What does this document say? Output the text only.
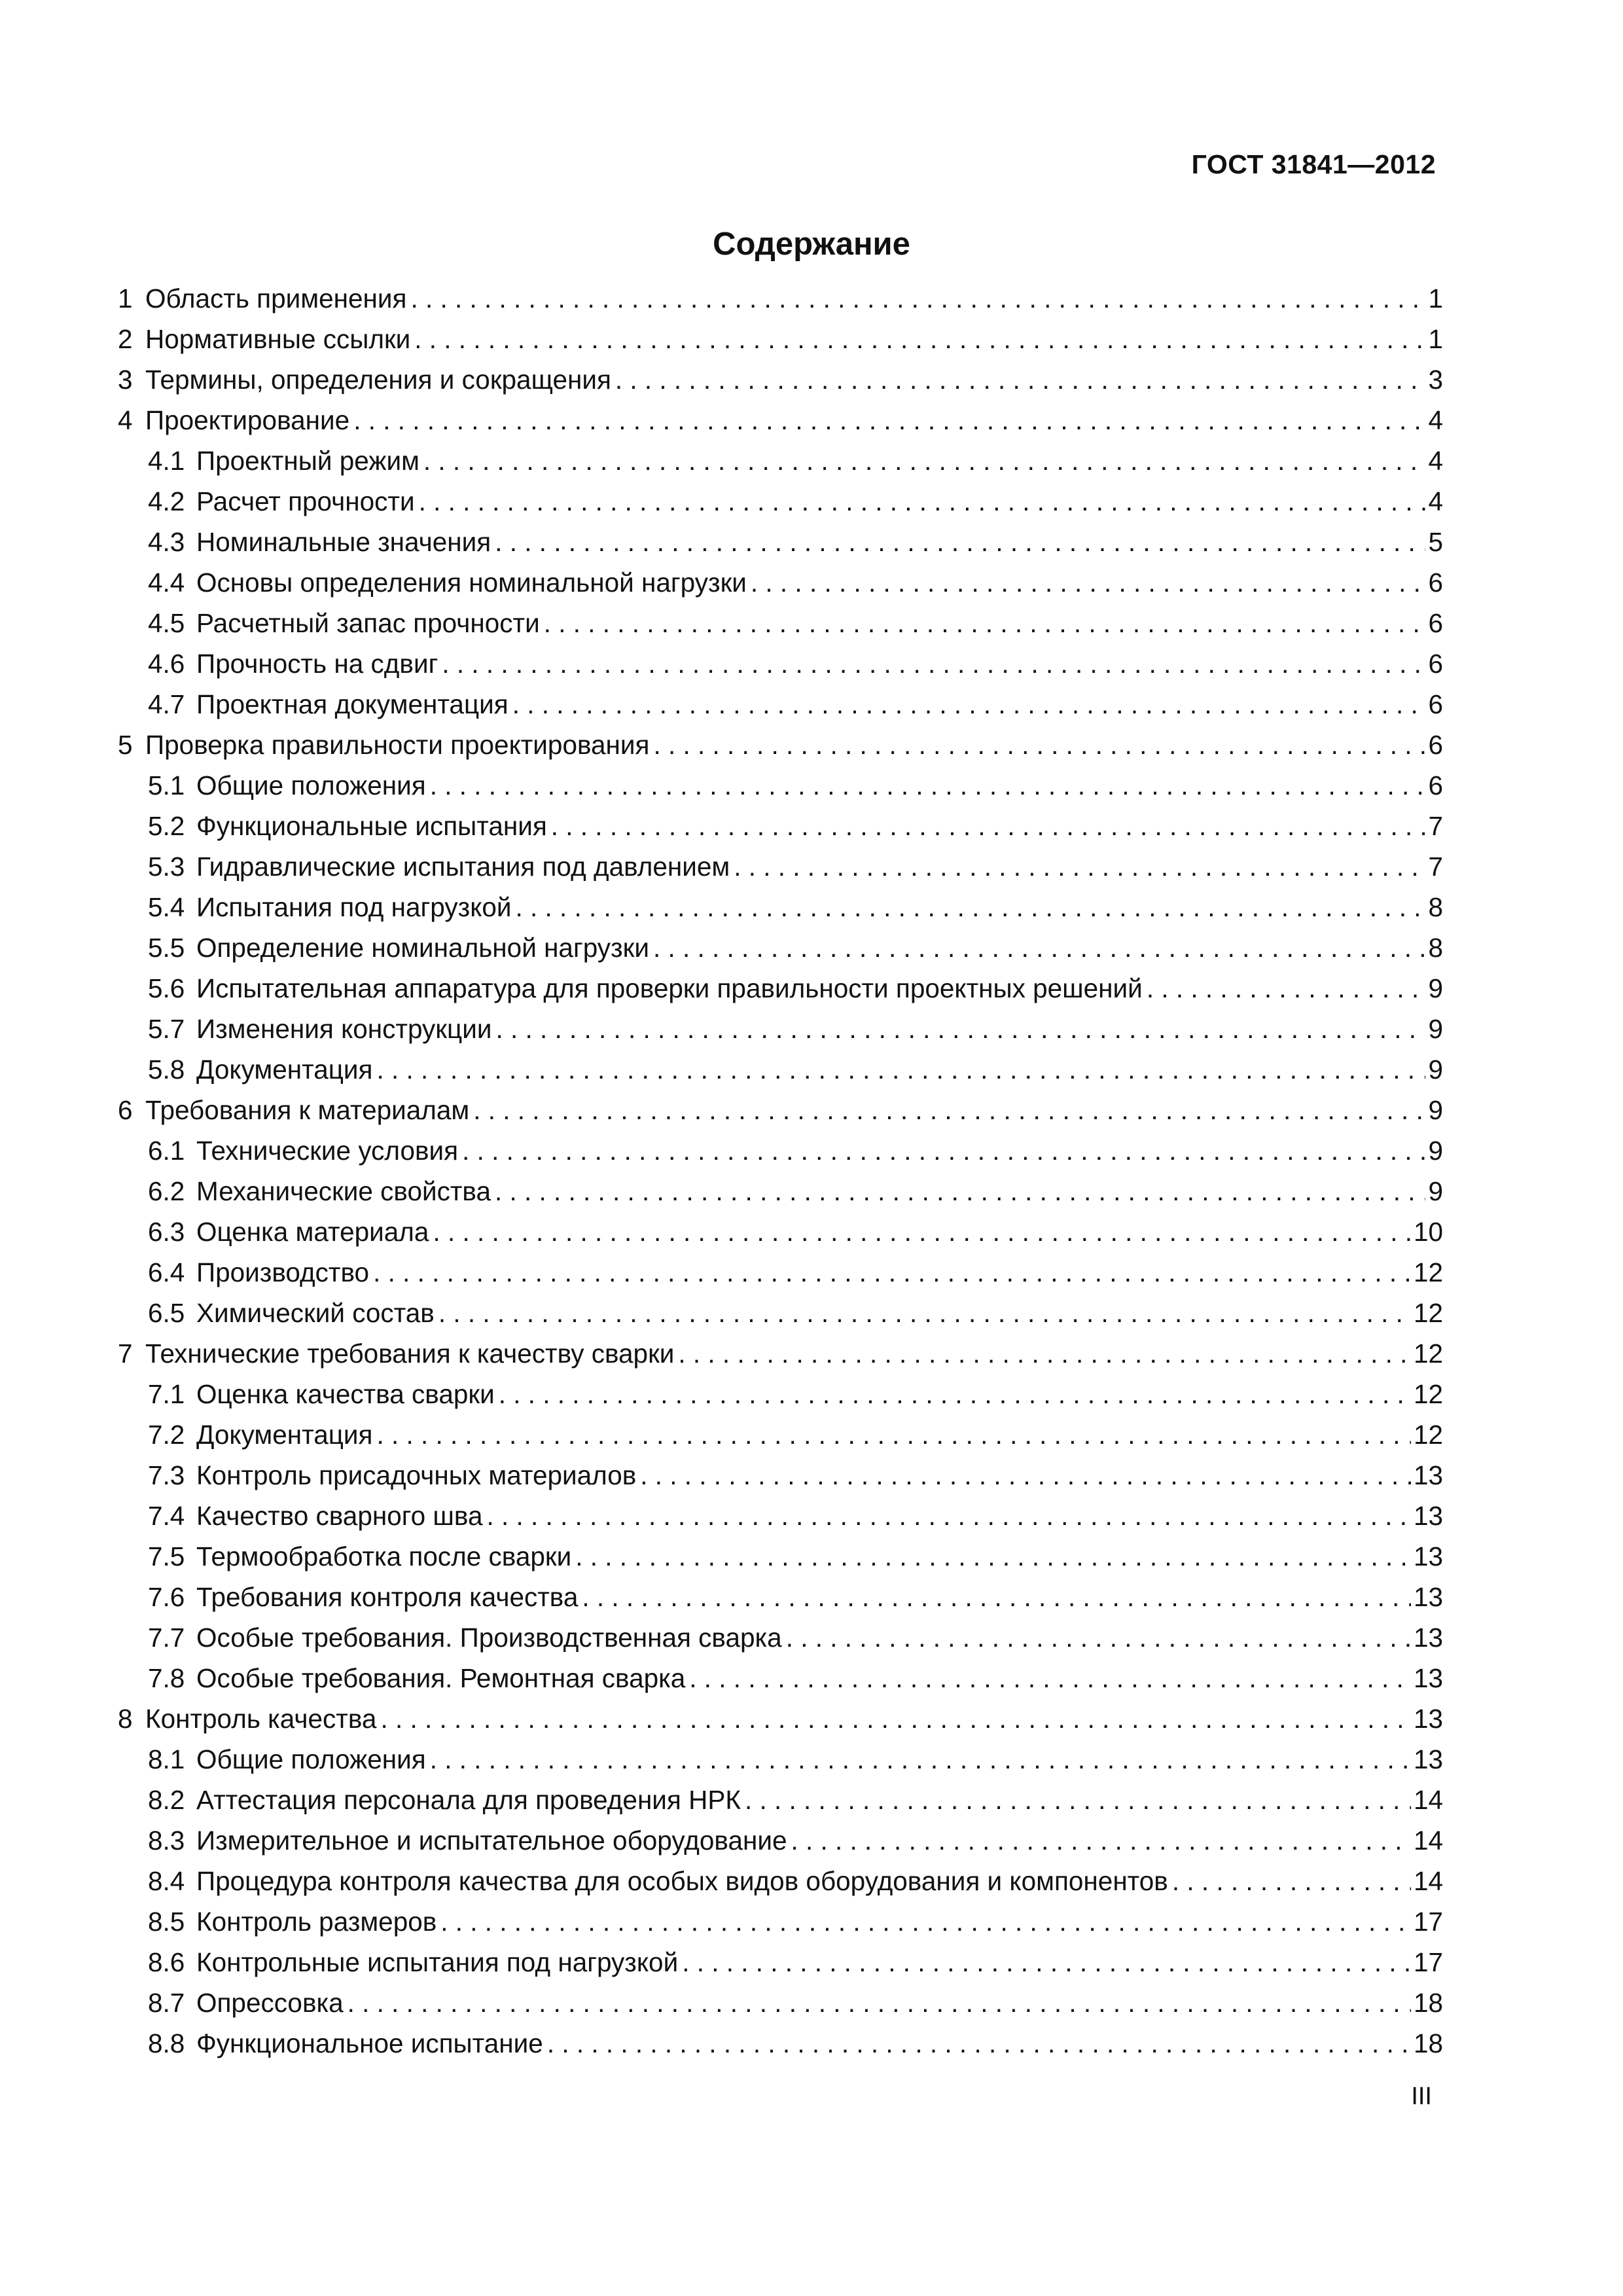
ГОСТ 31841—2012
Содержание
1 Область применения . . .	1
2 Нормативные ссылки . . .	1
3 Термины, определения и сокращения . . .	3
4 Проектирование . . .	4
4.1 Проектный режим . . .	4
4.2 Расчет прочности . . .	4
4.3 Номинальные значения . . .	5
4.4 Основы определения номинальной нагрузки . . .	6
4.5 Расчетный запас прочности . . .	6
4.6 Прочность на сдвиг . . .	6
4.7 Проектная документация . . .	6
5 Проверка правильности проектирования . . .	6
5.1 Общие положения . . .	6
5.2 Функциональные испытания . . .	7
5.3 Гидравлические испытания под давлением . . .	7
5.4 Испытания под нагрузкой . . .	8
5.5 Определение номинальной нагрузки . . .	8
5.6 Испытательная аппаратура для проверки правильности проектных решений . . .	9
5.7 Изменения конструкции . . .	9
5.8 Документация . . .	9
6 Требования к материалам . . .	9
6.1 Технические условия . . .	9
6.2 Механические свойства . . .	9
6.3 Оценка материала . . .	10
6.4 Производство . . .	12
6.5 Химический состав . . .	12
7 Технические требования к качеству сварки . . .	12
7.1 Оценка качества сварки . . .	12
7.2 Документация . . .	12
7.3 Контроль присадочных материалов . . .	13
7.4 Качество сварного шва . . .	13
7.5 Термообработка после сварки . . .	13
7.6 Требования контроля качества . . .	13
7.7 Особые требования. Производственная сварка . . .	13
7.8 Особые требования. Ремонтная сварка . . .	13
8 Контроль качества . . .	13
8.1 Общие положения . . .	13
8.2 Аттестация персонала для проведения НРК . . .	14
8.3 Измерительное и испытательное оборудование . . .	14
8.4 Процедура контроля качества для особых видов оборудования и компонентов . . .	14
8.5 Контроль размеров . . .	17
8.6 Контрольные испытания под нагрузкой . . .	17
8.7 Опрессовка . . .	18
8.8 Функциональное испытание . . .	18
III
